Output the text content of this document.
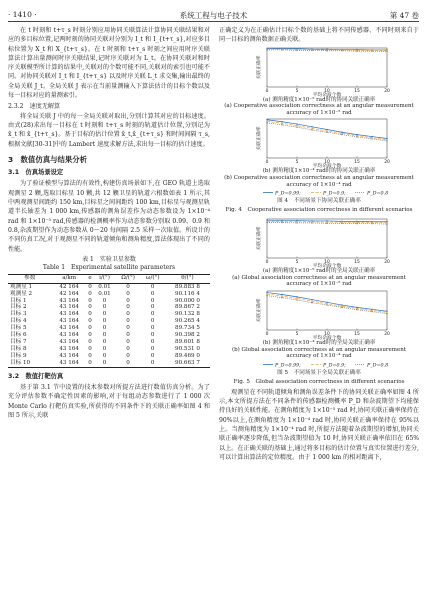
· 1410 ·	系统工程与电子技术	第 47 卷

在 t 时刻和 t+τ_s 时刻分别应用协同关联算法计算协同关联结果和对应的多目标位置,记两时刻的协同关联对分别为 I_t 和 I_{t+τ_s},对应多目标位置为 X_t 和 X_{t+τ_s}。在 t 时刻和 t+τ_s 时刻之间应用时序关联算法计算出量测间时序关联结果,记时序关联对为 L_t。在协同关联对和时序关联模型所计算的结果中,关联对的个数可能不同,关联对的索引也可能不同。对协同关联对 I_t 和 I_{t+τ_s} 以及时序关联 L_t 求交集,输出最终的全局关联 J_t。全局关联 J 表示在当前量测输入下算法估计的目标个数以及每一目标对应的量测索引。

2.3.2　速度无解算

将全局关联 J 中的每一全局关联对取出,分别计算其对应的目标速度。由式(28)求出每一目标在 t 时刻和 t+τ_s 时刻的轨道估计位置,分别记为 x̂_t 和 x̂_{t+τ_s}。基于目标的估计位置 x̂_t,x̂_{t+τ_s} 和时间间隔 τ_s,根据文献[30-31]中的 Lambert 速度求解方法,求出每一目标的估计速度。

3　数值仿真与结果分析
3.1　仿真场景设定

为了验证模型与算法的有效性,构建仿真场景如下,在 GEO 轨道上选取观测星 2 颗,选取目标星 10 颗,共 12 颗卫星的轨道六根数如表 1 所示,其中两观测星间距约 150 km,目标星之间间距约 100 km,目标星与观测星轨道半长轴差为 1 000 km,传感器的测角误差作为动态参数设为 1×10⁻⁴ rad 和 1×10⁻⁵ rad,传感器的检测概率作为动态参数分别取 0.99、0.9 和 0.8,杂波期望作为动态参数从 0～20 每间隔 2.5 采样一次取值。所设计的不同仿真工况,对于观测星不同的轨道倾角和测角精度,算法体现出了不同的性能。

表 1　实验卫星参数
Table 1　Experimental satellite parameters
参数	a/km	e	i/(°)	Ω/(°)	ω/(°)	θ/(°)
观测星 1	42 164	0	0.01	0	0	89.883 8
观测星 2	42 164	0	0.01	0	0	90.116 4
目标 1	43 164	0	0	0	0	90.000 0
目标 2	43 164	0	0	0	0	89.867 2
目标 3	43 164	0	0	0	0	90.132 8
目标 4	43 164	0	0	0	0	90.265 4
目标 5	43 164	0	0	0	0	89.734 5
目标 6	43 164	0	0	0	0	90.398 2
目标 7	43 164	0	0	0	0	89.601 8
目标 8	43 164	0	0	0	0	90.531 0
目标 9	43 164	0	0	0	0	89.469 0
目标 10	43 164	0	0	0	0	90.663 7
3.2　数值打靶仿真

基于第 3.1 节中设置的技术参数对所提方法进行数值仿真分析。为了充分评估参数不确定性因素的影响,对于每组动态参数进行了 1 000 次 Monte Carlo 打靶仿真实验,所获得的不同条件下的关联正确率如图 4 和图 5 所示,关联

正确定义为在正确估计目标个数的基础上将不同传感器、不同时刻来自于同一目标的测角数据正确关联。

0	5	10	15	20
平均杂波个数
关联正确率
(a) 测角精度1×10⁻⁵ rad时的协同关联正确率
(a) Cooperative association correctness at an angular measurement accuracy of 1×10⁻⁵ rad
0	5	10	15	20
平均杂波个数
关联正确率
(b) 测角精度1×10⁻⁴ rad时的协同关联正确率
(b) Cooperative association correctness at an angular measurement accuracy of 1×10⁻⁴ rad
P_D=0.99;	P_D=0.9;	P_D=0.8
图 4　不同场景下协同关联正确率
Fig. 4　Cooperative association correctness in different scenarios
0	5	10	15	20
平均杂波个数
关联正确率
(a) 测角精度1×10⁻⁵ rad时的全局关联正确率
(a) Global association correctness at an angular measurement accuracy of 1×10⁻⁵ rad
0	5	10	15	20
平均杂波个数
关联正确率
(b) 测角精度1×10⁻⁴ rad时的全局关联正确率
(b) Global association correctness at an angular measurement accuracy of 1×10⁻⁴ rad
P_D=0.99;	P_D=0.9;	P_D=0.8
图 5　不同场景下全局关联正确率
Fig. 5　Global association correctness in different scenarios

观测星在不同轨道倾角和测角误差条件下的协同关联正确率如图 4 所示,本文所提方法在不同条件的传感器检测概率 P_D 和杂波期望下均能保持良好的关联性能。在测角精度为 1×10⁻⁵ rad 时,协同关联正确率保持在 90%以上,在测角精度为 1×10⁻⁴ rad 时,协同关联正确率保持在 95%以上。当测角精度为 1×10⁻⁴ rad 时,所提方法随着杂波期望的增加,协同关联正确率逐步降低,但当杂波期望值为 10 时,协同关联正确率依旧在 65%以上。在正确关联的基础上,通过将多目标的估计位置与真实位置进行差分,可以计算出算法的定位精度。由于 1 000 km 的相对距离下,
